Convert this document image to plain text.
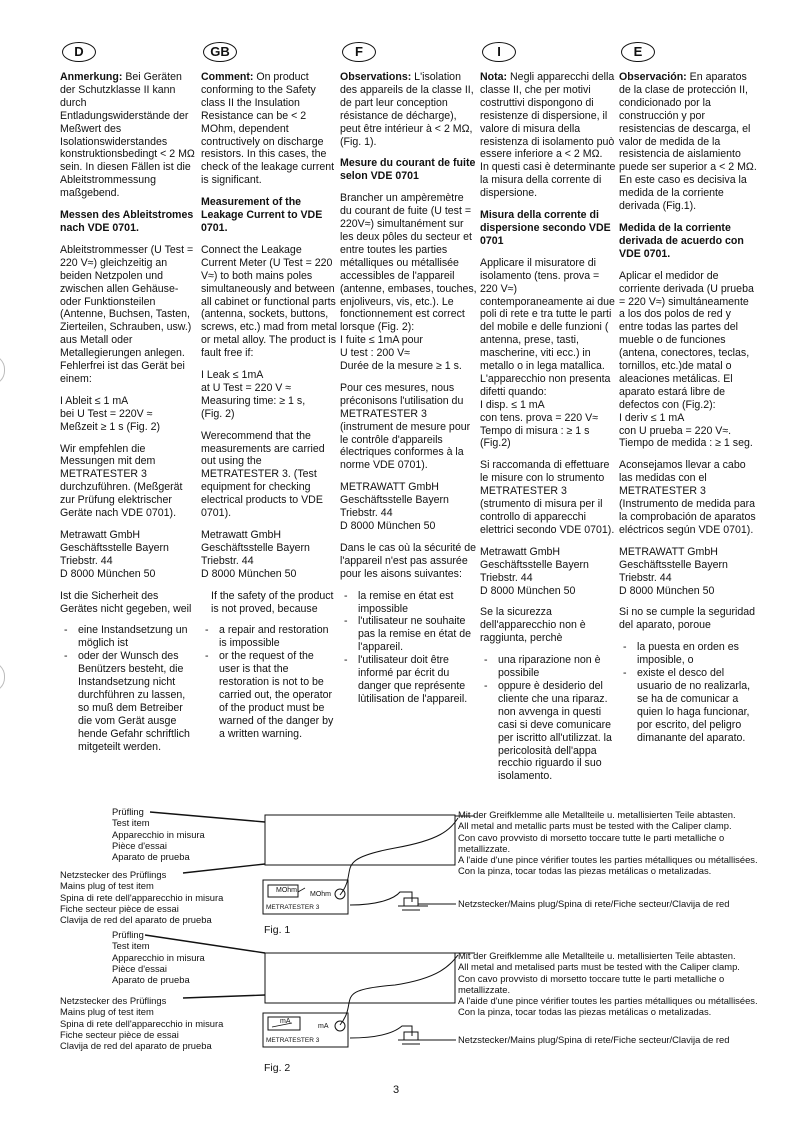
D

Anmerkung: Bei Geräten der Schutzklasse II kann durch Entladungswiderstände der Meßwert des Isolationswiderstandes konstruktionsbedingt < 2 MΩ sein. In diesen Fällen ist die Ableitstrommessung maßgebend.

Messen des Ableitstromes nach VDE 0701.

Ableitstrommesser (U Test = 220 V≈) gleichzeitig an beiden Netzpolen und zwischen allen Gehäuse- oder Funktionsteilen (Antenne, Buchsen, Tasten, Zierteilen, Schrauben, usw.) aus Metall oder Metallegierungen anlegen. Fehlerfrei ist das Gerät bei einem:

I Ableit ≤ 1 mA
bei U Test = 220V ≈
Meßzeit ≥ 1 s (Fig. 2)

Wir empfehlen die Messungen mit dem METRATESTER 3 durchzuführen. (Meßgerät zur Prüfung elektrischer Geräte nach VDE 0701).

Metrawatt GmbH
Geschäftsstelle Bayern
Triebstr. 44
D 8000 München 50

Ist die Sicherheit des Gerätes nicht gegeben, weil

- eine Instandsetzung un möglich ist
- oder der Wunsch des Benützers besteht, die Instandsetzung nicht durchführen zu lassen, so muß dem Betreiber die vom Gerät ausge hende Gefahr schriftlich mitgeteilt werden.
GB

Comment: On product conforming to the Safety class II the Insulation Resistance can be < 2 MOhm, dependent contructively on discharge resistors. In this cases, the check of the leakage current is significant.

Measurement of the Leakage Current to VDE 0701.

Connect the Leakage Current Meter (U Test = 220 V≈) to both mains poles simultaneously and between all cabinet or functional parts (antenna, sockets, buttons, screws, etc.) mad from metal or metal alloy. The product is fault free if:

I Leak ≤ 1mA
at U Test = 220 V ≈
Measuring time: ≥ 1 s,
(Fig. 2)

Werecommend that the measurements are carried out using the METRATESTER 3. (Test equipment for checking electrical products to VDE 0701).

Metrawatt GmbH
Geschäftsstelle Bayern
Triebstr. 44
D 8000 München 50

If the safety of the product is not proved, because

- a repair and restoration is impossible
- or the request of the user is that the restoration is not to be carried out, the operator of the product must be warned of the danger by a written warning.
F

Observations: L'isolation des appareils de la classe II, de part leur conception résistance de décharge), peut être intérieur à < 2 MΩ, (Fig. 1).

Mesure du courant de fuite selon VDE 0701

Brancher un ampèremètre du courant de fuite (U test = 220V≈) simultanément sur les deux pôles du secteur et entre toutes les parties métalliques ou métallisée accessibles de l'appareil (antenne, embases, touches, enjoliveurs, vis, etc.). Le fonctionnement est correct lorsque (Fig. 2):
I fuite ≤ 1mA pour
U test : 200 V≈
Durée de la mesure ≥ 1 s.

Pour ces mesures, nous préconisons l'utilisation du METRATESTER 3 (instrument de mesure pour le contrôle d'appareils électriques conformes à la norme VDE 0701).

METRAWATT GmbH
Geschäftsstelle Bayern
Triebstr. 44
D 8000 München 50

Dans le cas où la sécurité de l'appareil n'est pas assurée pour les aisons suivantes:

- la remise en état est impossible
- l'utilisateur ne souhaite pas la remise en état de l'appareil.
- l'utilisateur doit être informé par écrit du danger que représente lùtilisation de l'appareil.
I

Nota: Negli apparecchi della classe II, che per motivi costruttivi dispongono di resistenze di dispersione, il valore di misura della resistenza di isolamento può essere inferiore a < 2 MΩ.
In questi casi è determinante la misura della corrente di dispersione.

Misura della corrente di dispersione secondo VDE 0701

Applicare il misuratore di isolamento (tens. prova = 220 V≈) contemporaneamente ai due poli di rete e tra tutte le parti del mobile e delle funzioni ( antenna, prese, tasti, mascherine, viti ecc.) in metallo o in lega matallica. L'apparecchio non presenta difetti quando:
I disp. ≤ 1 mA
con tens. prova = 220 V≈
Tempo di misura : ≥ 1 s
(Fig.2)

Si raccomanda di effettuare le misure con lo strumento METRATESTER 3 (strumento di misura per il controllo di apparecchi elettrici secondo VDE 0701).

Metrawatt GmbH
Geschäftsstelle Bayern
Triebstr. 44
D 8000 München 50

Se la sicurezza dell'apparecchio non è raggiunta, perchè

- una riparazione non è possibile
- oppure è desiderio del cliente che una riparaz. non avvenga in questi casi si deve comunicare per iscritto all'utilizzat. la pericolosità dell'appa recchio riguardo il suo isolamento.
E

Observación: En aparatos de la clase de protección II, condicionado por la construcción y por resistencias de descarga, el valor de medida de la resistencia de aislamiento puede ser superior a < 2 MΩ.
En este caso es decisiva la medida de la corriente derivada (Fig.1).

Medida de la corriente derivada de acuerdo con VDE 0701.

Aplicar el medidor de corriente derivada (U prueba = 220 V≈) simultáneamente a los dos polos de red y entre todas las partes del mueble o de funciones (antena, conectores, teclas, tornillos, etc.)de matal o aleaciones metálicas. El aparato estará libre de defectos con (Fig.2):
I deriv ≤ 1 mA
con U prueba = 220 V≈.
Tiempo de medida : ≥ 1 seg.

Aconsejamos llevar a cabo las medidas con el METRATESTER 3 (Instrumento de medida para la comprobación de aparatos eléctricos según VDE 0701).

METRAWATT GmbH
Geschäftsstelle Bayern
Triebstr. 44
D 8000 München 50

Si no se cumple la seguridad del aparato, poroue

- la puesta en orden es imposible, o
- existe el desco del usuario de no realizarla, se ha de comunicar a quien lo haga funcionar, por escrito, del peligro dimanante del aparato.
Prüfling
Test item
Apparecchio in misura
Pièce d'essai
Aparato de prueba
Netzstecker des Prüflings
Mains plug of test item
Spina di rete dell'apparecchio in misura
Fiche secteur pièce de essai
Clavija de red del aparato de prueba
Mit der Greifklemme alle Metallteile u. metallisierten Teile abtasten.
All metal and metallic parts must be tested with the Caliper clamp.
Con cavo provvisto di morsetto toccare tutte le parti metalliche o metallizzate.
A l'aide d'une pince vérifier toutes les parties métalliques ou métallisées.
Con la pinza, tocar todas las piezas metálicas o metalizadas.
Netzstecker/Mains plug/Spina di rete/Fiche secteur/Clavija de red
MOhm
MOhm
METRATESTER 3
Fig. 1
Prüfling
Test item
Apparecchio in misura
Pièce d'essai
Aparato de prueba
Netzstecker des Prüflings
Mains plug of test item
Spina di rete dell'apparecchio in misura
Fiche secteur pièce de essai
Clavija de red del aparato de prueba
Mit der Greifklemme alle Metallteile u. metallisierten Teile abtasten.
All metal and metalised parts must be tested with the Caliper clamp.
Con cavo provvisto di morsetto toccare tutte le parti metalliche o metallizzate.
A l'aide d'une pince vérifier toutes les parties métalliques ou métallisées.
Con la pinza, tocar todas las piezas metálicas o metalizadas.
Netzstecker/Mains plug/Spina di rete/Fiche secteur/Clavija de red
mA
mA
METRATESTER 3
Fig. 2
3
